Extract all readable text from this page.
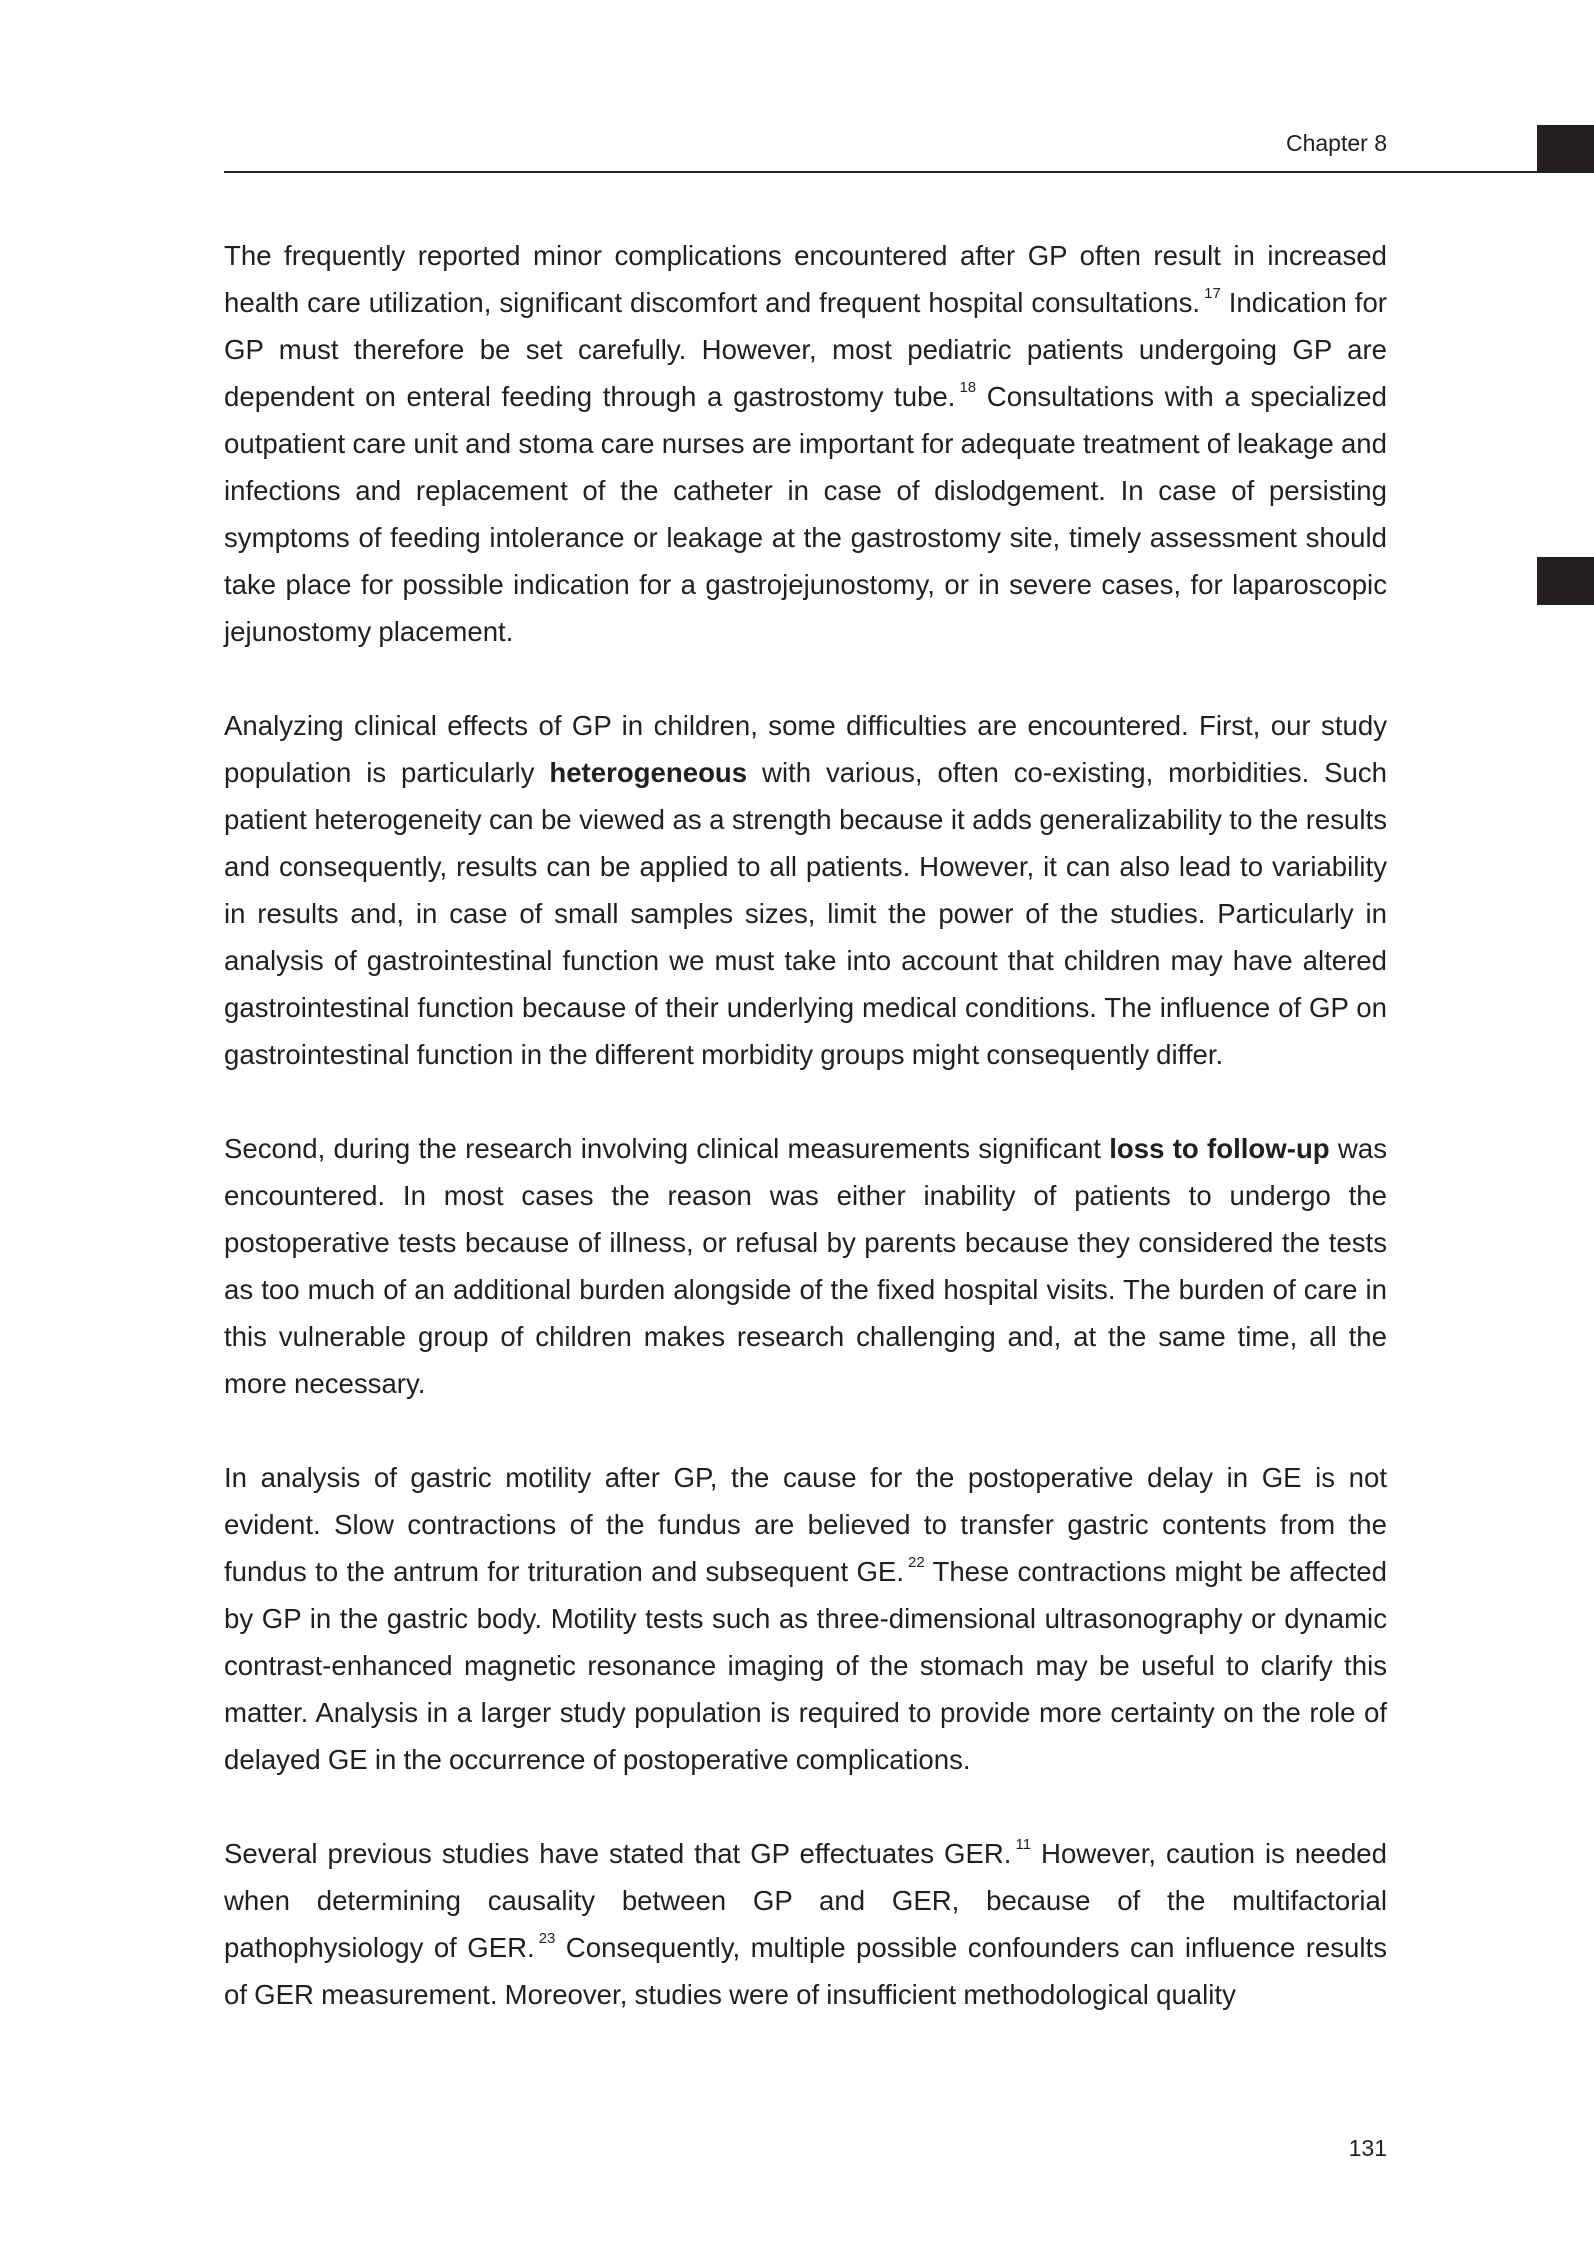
Chapter 8

The frequently reported minor complications encountered after GP often result in increased health care utilization, significant discomfort and frequent hospital consultations. $^{17}$ Indication for GP must therefore be set carefully. However, most pediatric patients undergoing GP are dependent on enteral feeding through a gastrostomy tube. $^{18}$ Consultations with a specialized outpatient care unit and stoma care nurses are important for adequate treatment of leakage and infections and replacement of the catheter in case of dislodgement. In case of persisting symptoms of feeding intolerance or leakage at the gastrostomy site, timely assessment should take place for possible indication for a gastrojejunostomy, or in severe cases, for laparoscopic jejunostomy placement.

Analyzing clinical effects of GP in children, some difficulties are encountered. First, our study population is particularly heterogeneous with various, often co-existing, morbidities. Such patient heterogeneity can be viewed as a strength because it adds generalizability to the results and consequently, results can be applied to all patients. However, it can also lead to variability in results and, in case of small samples sizes, limit the power of the studies. Particularly in analysis of gastrointestinal function we must take into account that children may have altered gastrointestinal function because of their underlying medical conditions. The influence of GP on gastrointestinal function in the different morbidity groups might consequently differ.

Second, during the research involving clinical measurements significant loss to follow-up was encountered. In most cases the reason was either inability of patients to undergo the postoperative tests because of illness, or refusal by parents because they considered the tests as too much of an additional burden alongside of the fixed hospital visits. The burden of care in this vulnerable group of children makes research challenging and, at the same time, all the more necessary.

In analysis of gastric motility after GP, the cause for the postoperative delay in GE is not evident. Slow contractions of the fundus are believed to transfer gastric contents from the fundus to the antrum for trituration and subsequent GE. $^{22}$ These contractions might be affected by GP in the gastric body. Motility tests such as three-dimensional ultrasonography or dynamic contrast-enhanced magnetic resonance imaging of the stomach may be useful to clarify this matter. Analysis in a larger study population is required to provide more certainty on the role of delayed GE in the occurrence of postoperative complications.

Several previous studies have stated that GP effectuates GER. $^{11}$ However, caution is needed when determining causality between GP and GER, because of the multifactorial pathophysiology of GER. $^{23}$ Consequently, multiple possible confounders can influence results of GER measurement. Moreover, studies were of insufficient methodological quality

131
